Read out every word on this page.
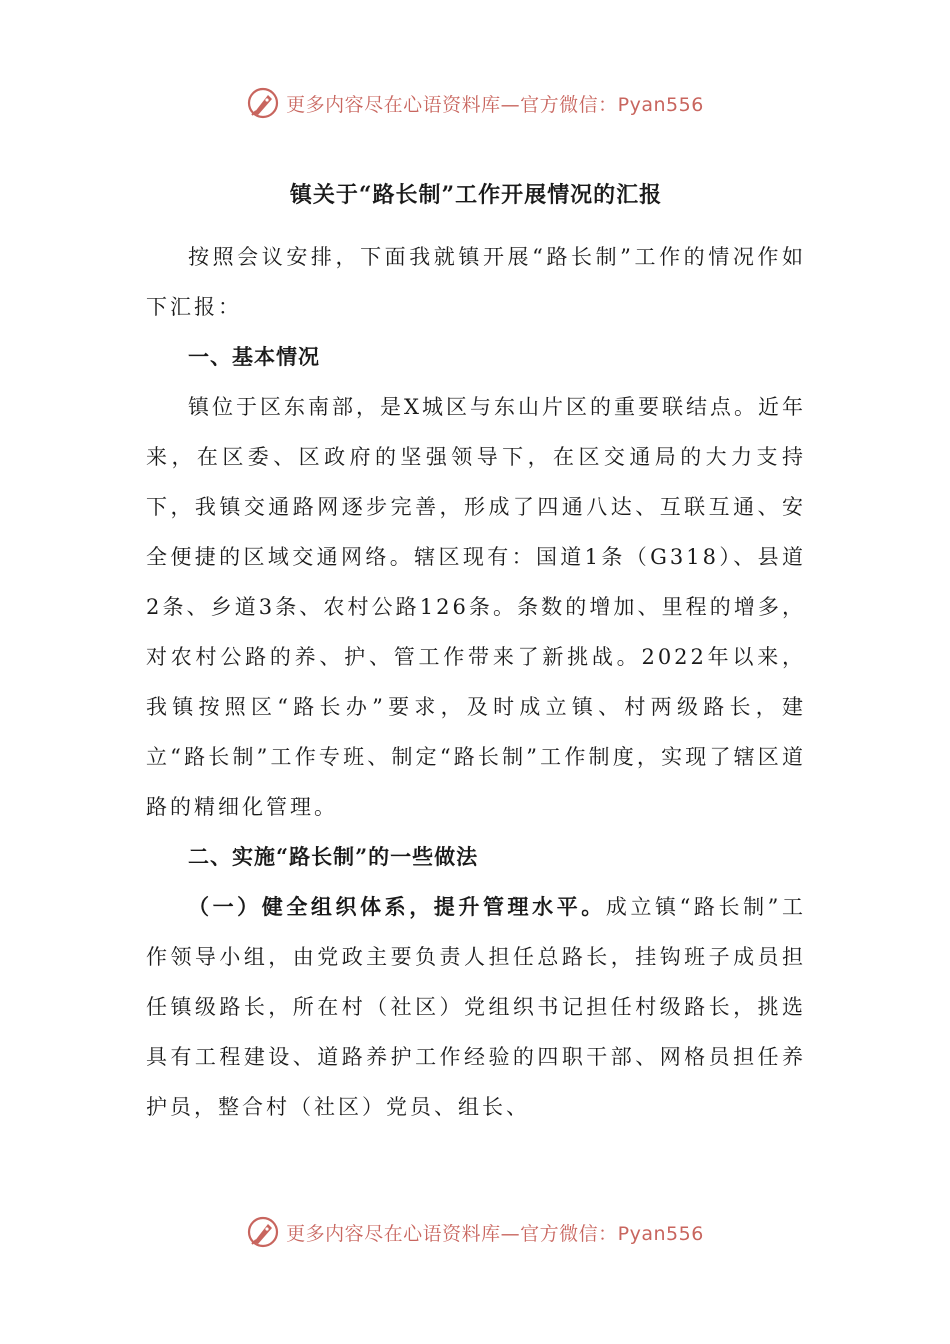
更多内容尽在心语资料库—官方微信：Pyan556
镇关于“路长制”工作开展情况的汇报

按照会议安排，下面我就镇开展“路长制”工作的情况作如下汇报：

一、基本情况

镇位于区东南部，是X城区与东山片区的重要联结点。近年来，在区委、区政府的坚强领导下，在区交通局的大力支持下，我镇交通路网逐步完善，形成了四通八达、互联互通、安全便捷的区域交通网络。辖区现有：国道1条（G318）、县道2条、乡道3条、农村公路126条。条数的增加、里程的增多，对农村公路的养、护、管工作带来了新挑战。2022年以来，我镇按照区“路长办”要求，及时成立镇、村两级路长，建立“路长制”工作专班、制定“路长制”工作制度，实现了辖区道路的精细化管理。

二、实施“路长制”的一些做法

（一）健全组织体系，提升管理水平。成立镇“路长制”工作领导小组，由党政主要负责人担任总路长，挂钩班子成员担任镇级路长，所在村（社区）党组织书记担任村级路长，挑选具有工程建设、道路养护工作经验的四职干部、网格员担任养护员，整合村（社区）党员、组长、

更多内容尽在心语资料库—官方微信：Pyan556
